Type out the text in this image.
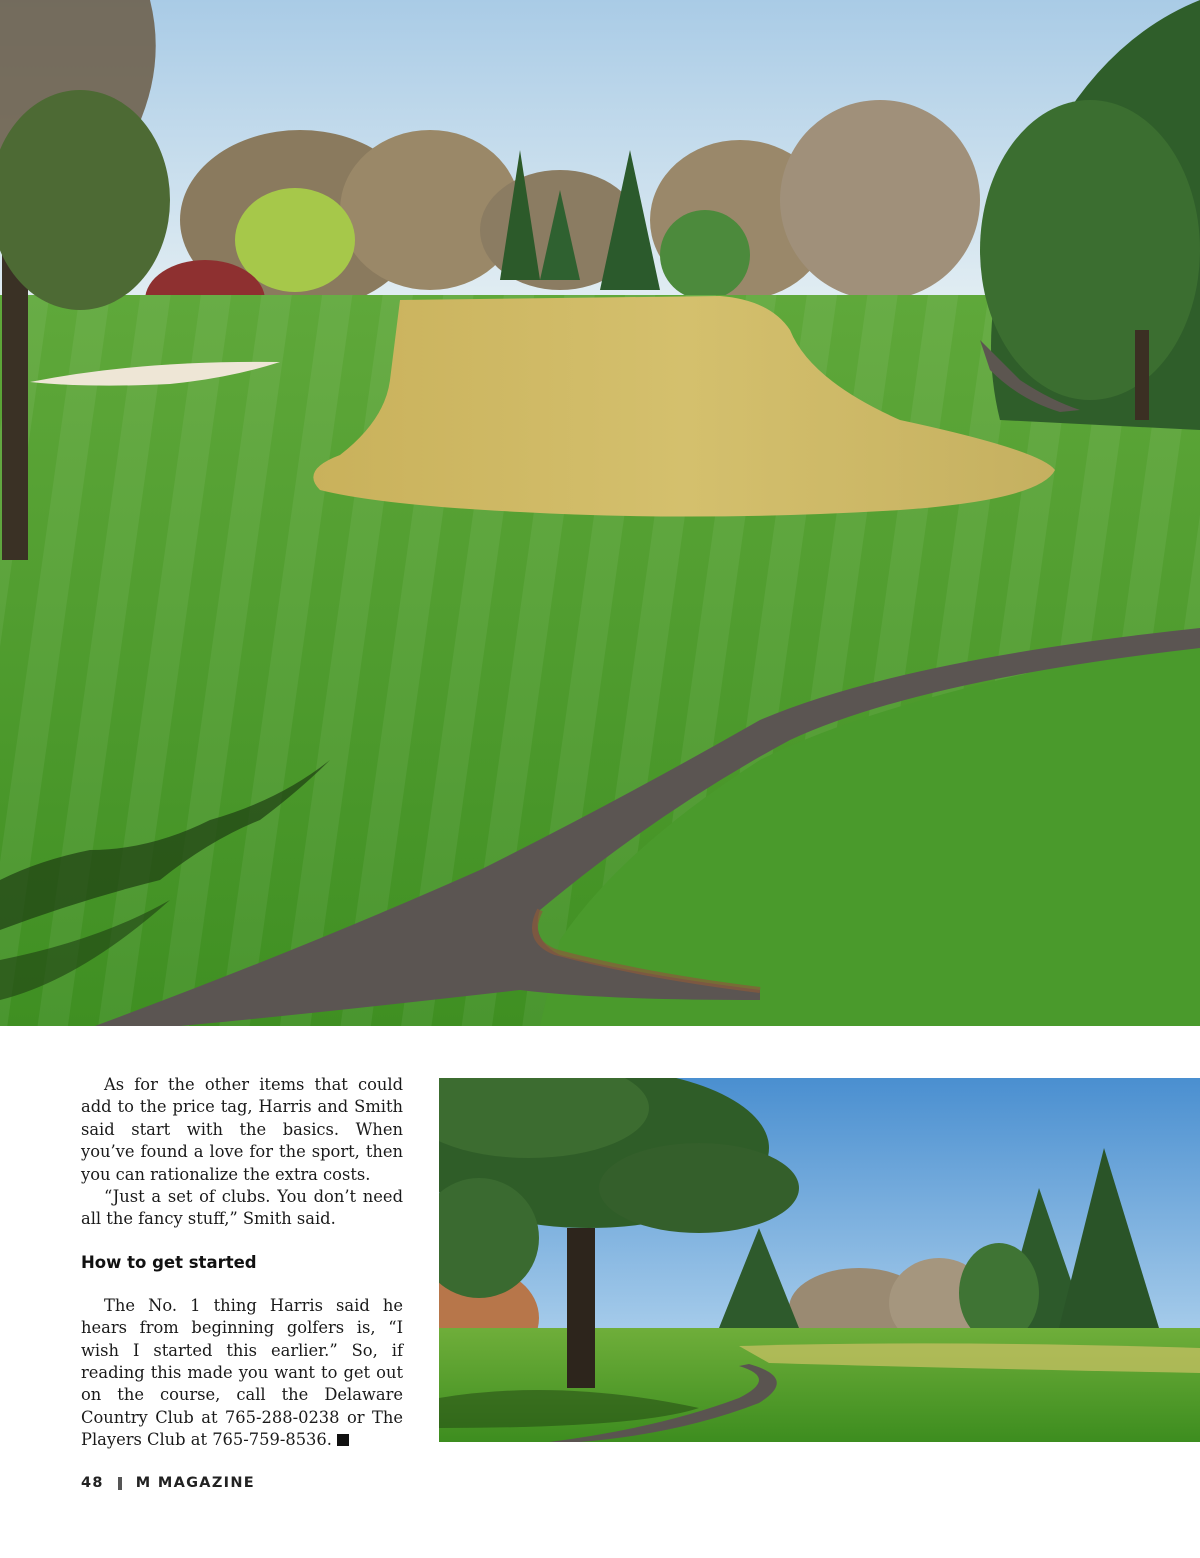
As for the other items that could add to the price tag, Harris and Smith said start with the basics. When you’ve found a love for the sport, then you can rationalize the extra costs.

“Just a set of clubs. You don’t need all the fancy stuff,” Smith said.

How to get started

The No. 1 thing Harris said he hears from beginning golfers is, “I wish I started this earlier.” So, if reading this made you want to get out on the course, call the Delaware Country Club at 765-288-0238 or The Players Club at 765-759-8536.

48 M MAGAZINE
